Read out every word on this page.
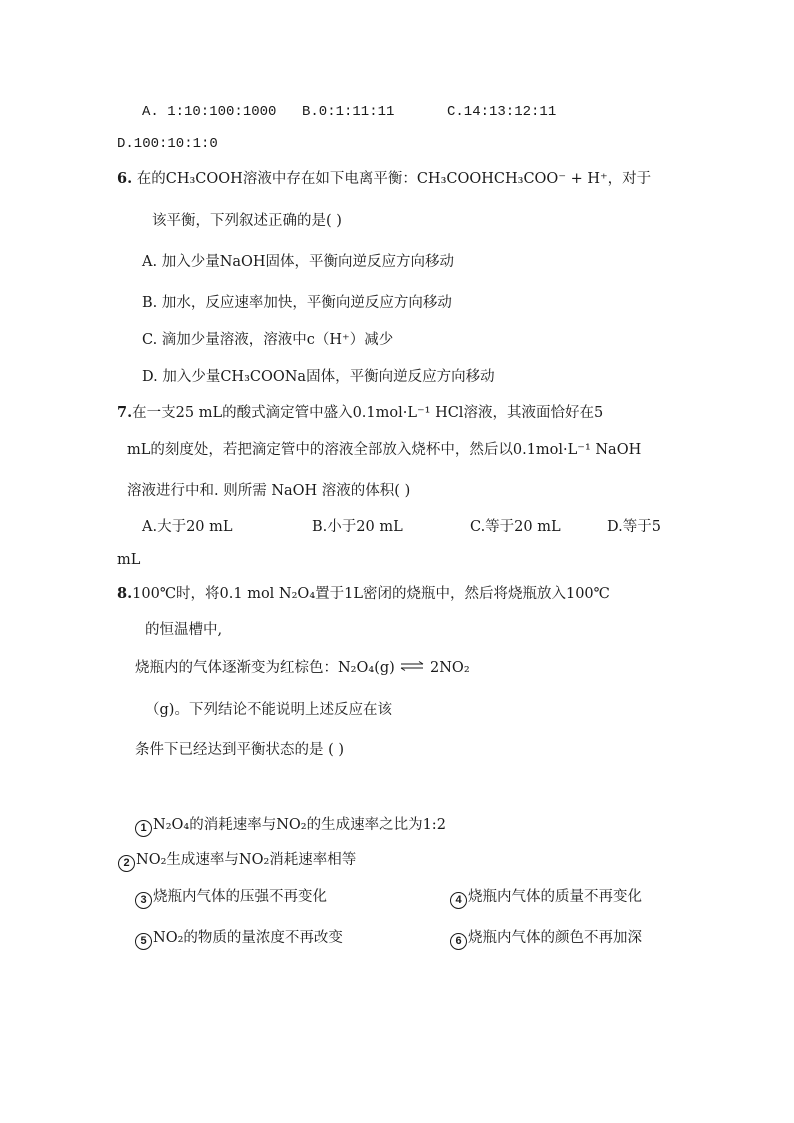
A. 1:10:100:1000 B.0:1:11:11	C.14:13:12:11
D.100:10:1:0
6. 在的CH₃COOH溶液中存在如下电离平衡：CH₃COOHCH₃COO⁻ + H⁺，对于
该平衡，下列叙述正确的是( )
A. 加入少量NaOH固体，平衡向逆反应方向移动
B. 加水，反应速率加快，平衡向逆反应方向移动
C. 滴加少量溶液，溶液中c（H⁺）减少
D. 加入少量CH₃COONa固体，平衡向逆反应方向移动
7.在一支25 mL的酸式滴定管中盛入0.1mol·L⁻¹ HCl溶液，其液面恰好在5
mL的刻度处，若把滴定管中的溶液全部放入烧杯中，然后以0.1mol·L⁻¹ NaOH
溶液进行中和. 则所需 NaOH 溶液的体积( )
A.大于20 mL	B.小于20 mL	C.等于20 mL	D.等于5
mL
8.100℃时，将0.1 mol N₂O₄置于1L密闭的烧瓶中，然后将烧瓶放入100℃
的恒温槽中,
烧瓶内的气体逐渐变为红棕色：N₂O₄(g) ⇌ 2NO₂
（g)。下列结论不能说明上述反应在该
条件下已经达到平衡状态的是 ( )
1 N₂O₄的消耗速率与NO₂的生成速率之比为1:2
2 NO₂生成速率与NO₂消耗速率相等
3 烧瓶内气体的压强不再变化	4 烧瓶内气体的质量不再变化
5 NO₂的物质的量浓度不再改变	6 烧瓶内气体的颜色不再加深
